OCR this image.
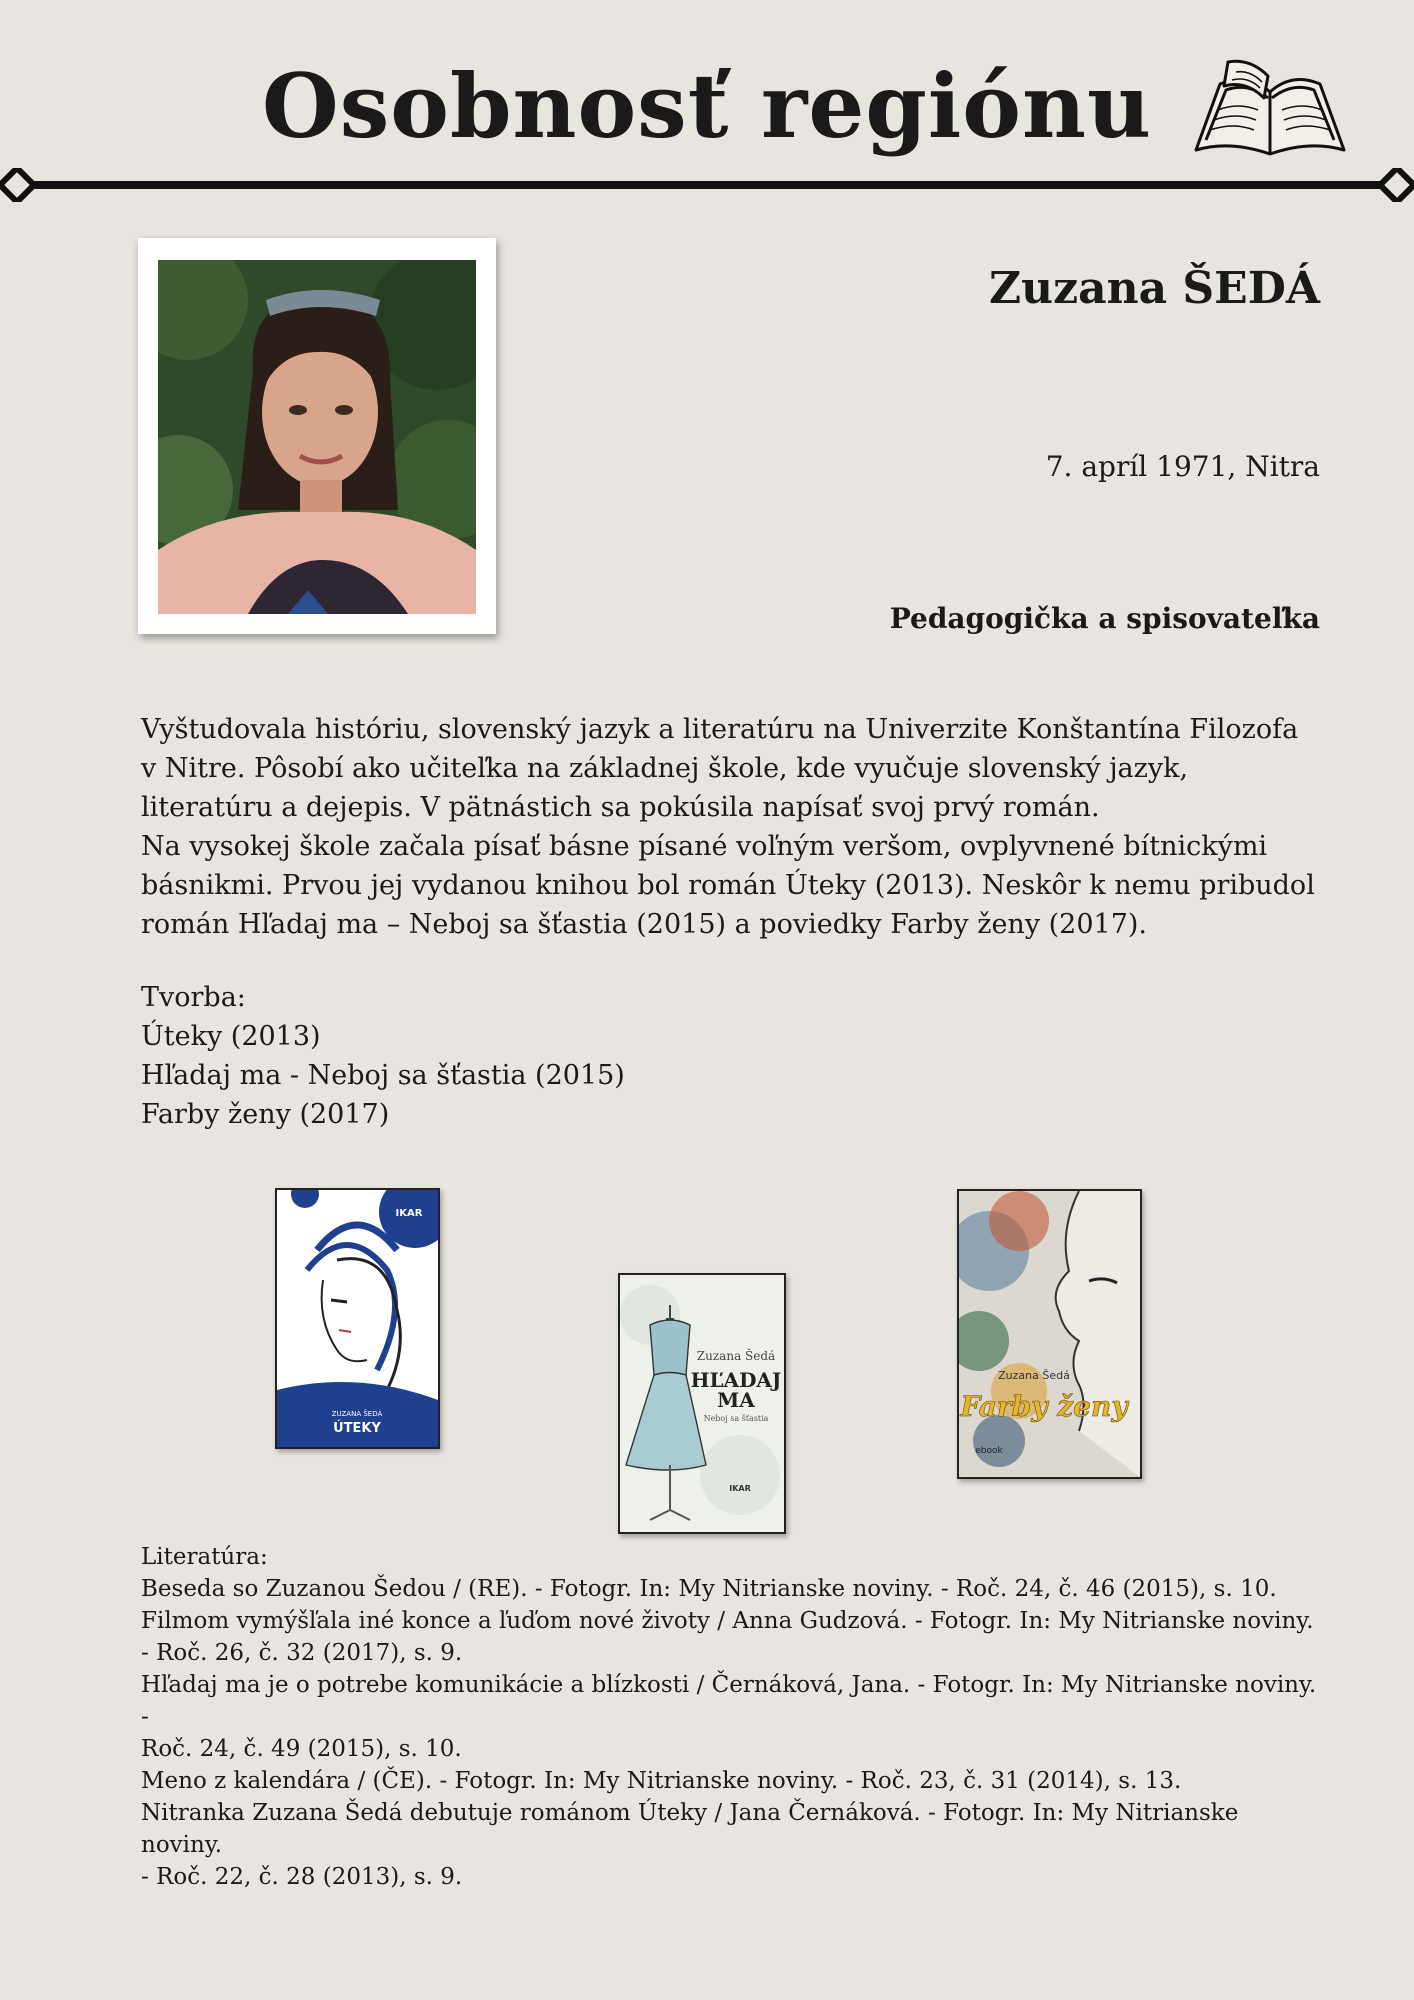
Osobnosť regiónu
Zuzana ŠEDÁ

7. apríl 1971, Nitra

Pedagogička a spisovateľka

Vyštudovala históriu, slovenský jazyk a literatúru na Univerzite Konštantína Filozofa v Nitre. Pôsobí ako učiteľka na základnej škole, kde vyučuje slovenský jazyk, literatúru a dejepis. V pätnástich sa pokúsila napísať svoj prvý román.

Na vysokej škole začala písať básne písané voľným veršom, ovplyvnené bítnickými básnikmi. Prvou jej vydanou knihou bol román Úteky (2013). Neskôr k nemu pribudol román Hľadaj ma – Neboj sa šťastia (2015) a poviedky Farby ženy (2017).

Tvorba:
Úteky (2013)
Hľadaj ma - Neboj sa šťastia (2015)
Farby ženy (2017)
IKAR
ZUZANA ŠEDÁ
ÚTEKY
Zuzana Šedá
HĽADAJ
MA
Neboj sa šťastia
IKAR
Zuzana Šedá
Farby ženy
ebook
Literatúra:
Beseda so Zuzanou Šedou / (RE). - Fotogr. In: My Nitrianske noviny. - Roč. 24, č. 46 (2015), s. 10.
Filmom vymýšľala iné konce a ľuďom nové životy / Anna Gudzová. - Fotogr. In: My Nitrianske noviny.
- Roč. 26, č. 32 (2017), s. 9.
Hľadaj ma je o potrebe komunikácie a blízkosti / Černáková, Jana. - Fotogr. In: My Nitrianske noviny. -
Roč. 24, č. 49 (2015), s. 10.
Meno z kalendára / (ČE). - Fotogr. In: My Nitrianske noviny. - Roč. 23, č. 31 (2014), s. 13.
Nitranka Zuzana Šedá debutuje románom Úteky / Jana Černáková. - Fotogr. In: My Nitrianske noviny.
- Roč. 22, č. 28 (2013), s. 9.
